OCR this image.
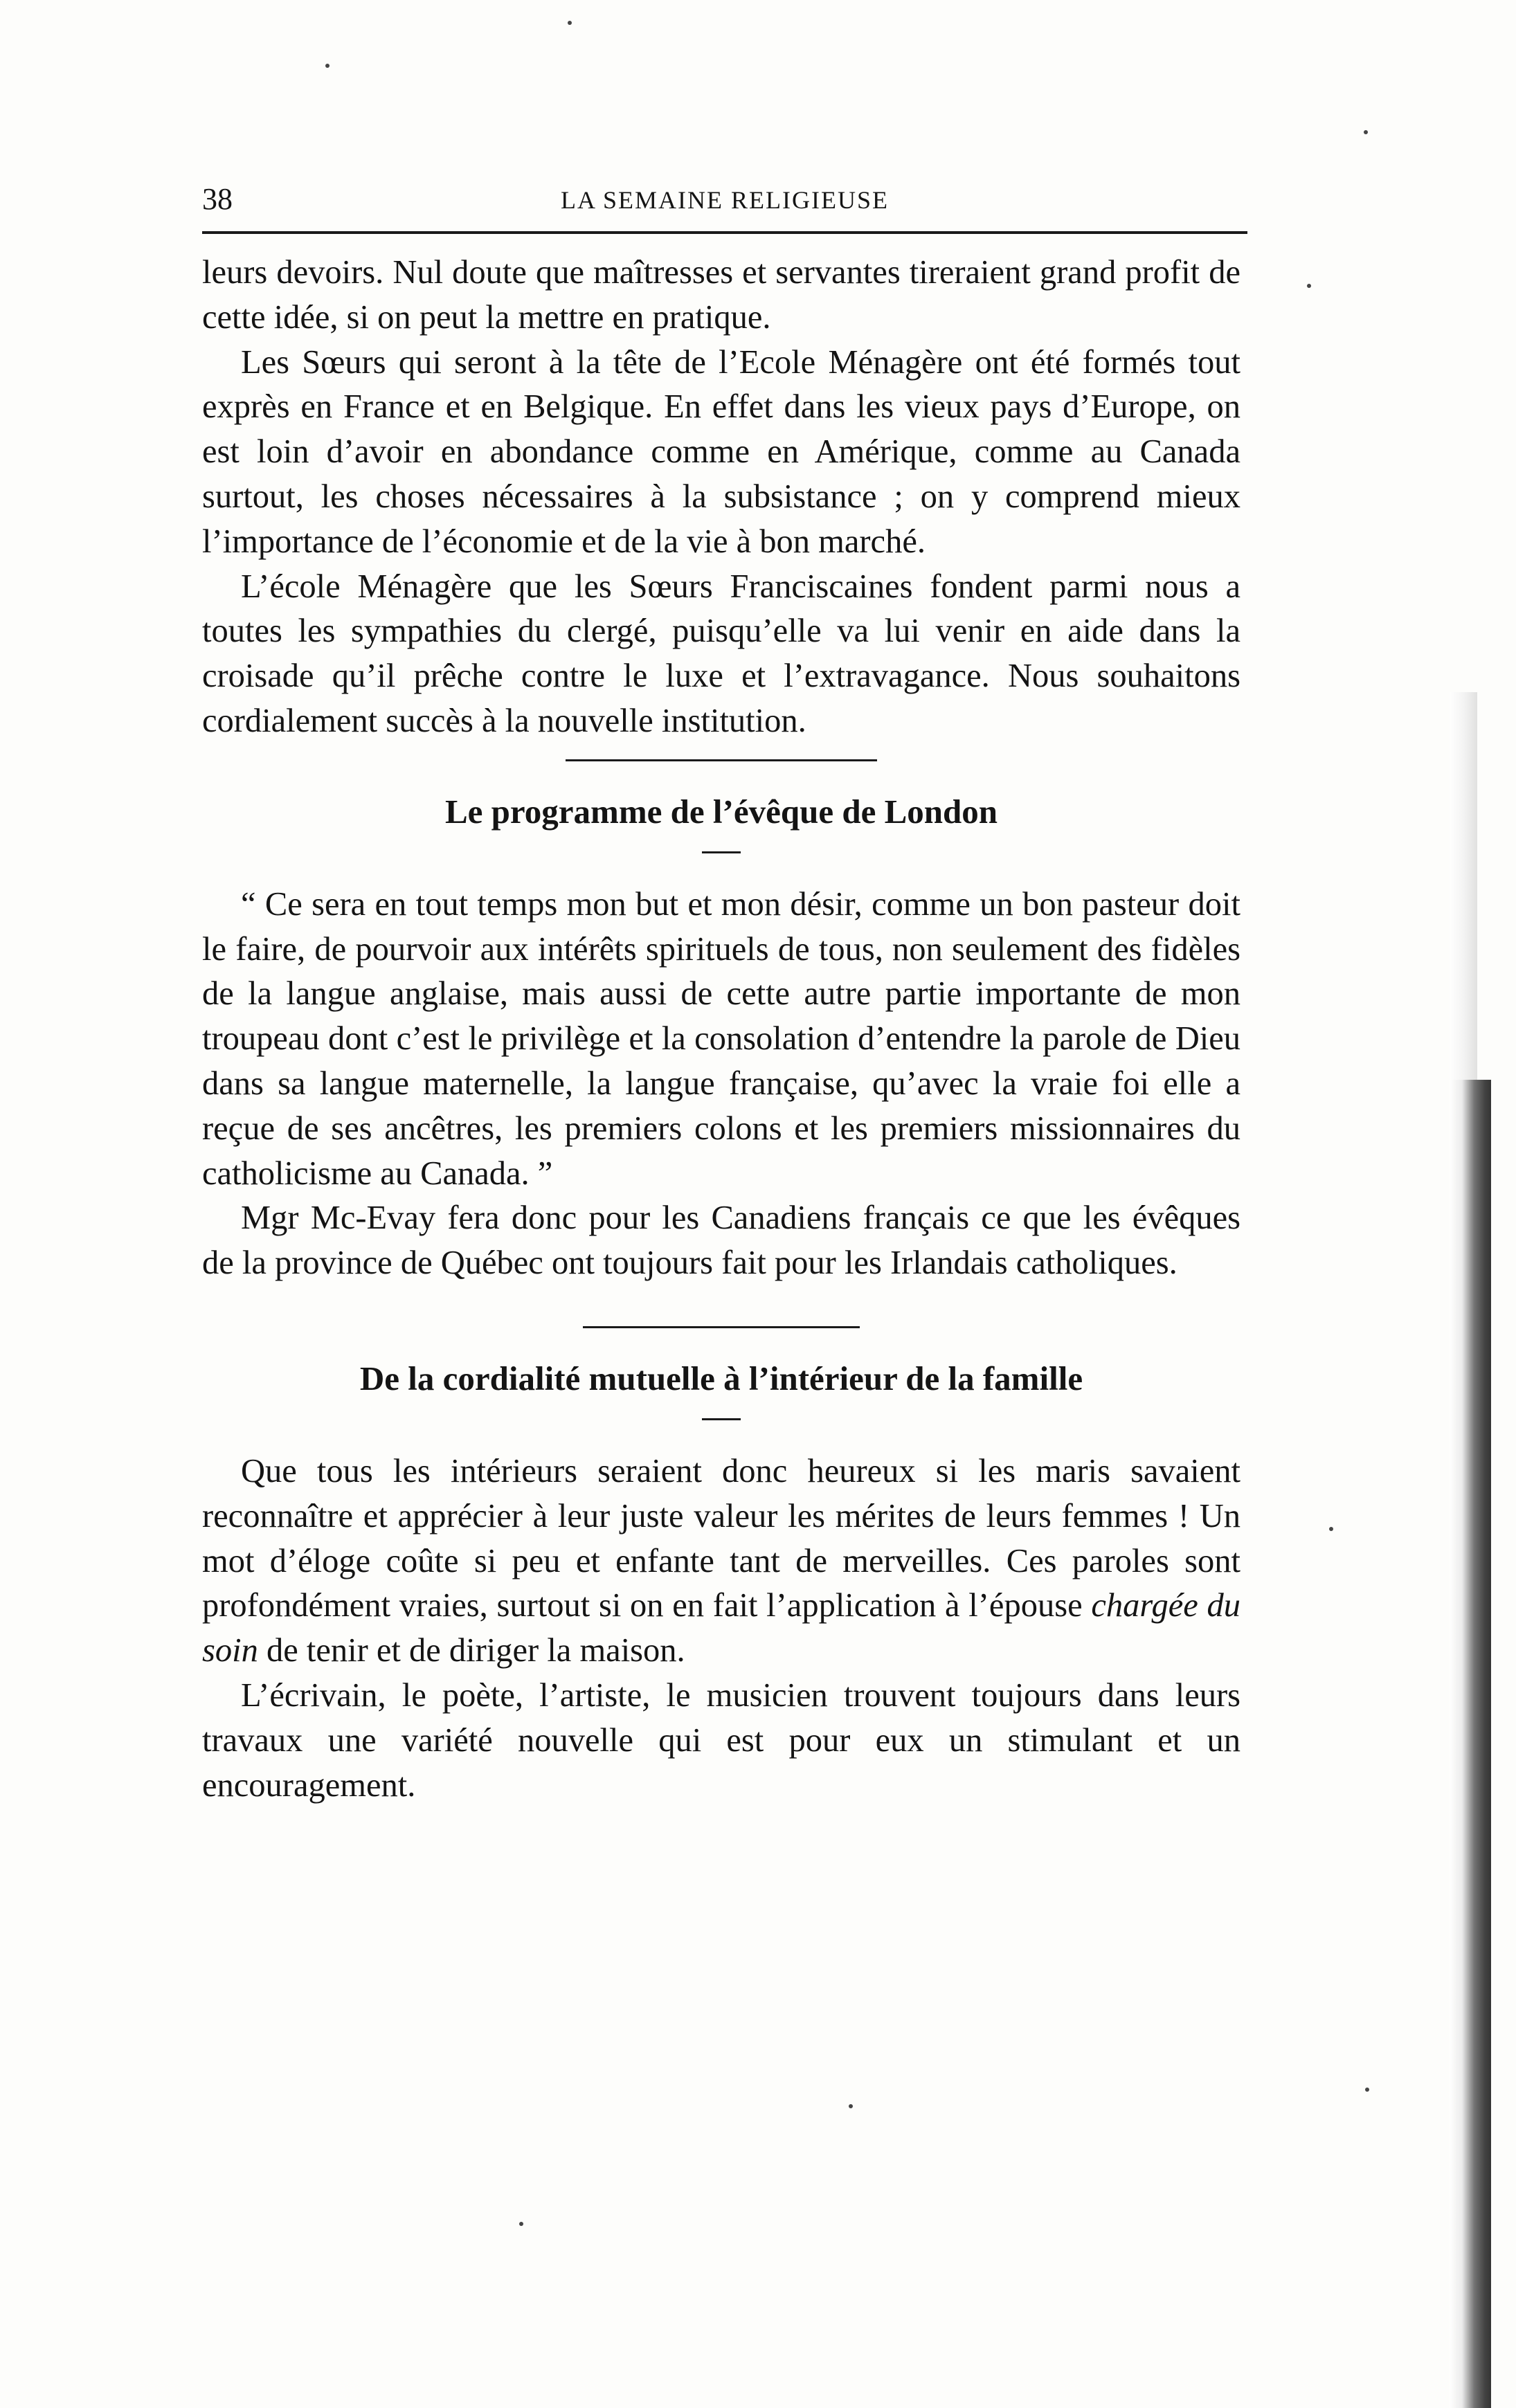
38	LA SEMAINE RELIGIEUSE

leurs devoirs. Nul doute que maîtresses et servantes tireraient grand profit de cette idée, si on peut la mettre en pratique.

Les Sœurs qui seront à la tête de l’Ecole Ménagère ont été formés tout exprès en France et en Belgique. En effet dans les vieux pays d’Europe, on est loin d’avoir en abondance comme en Amérique, comme au Canada surtout, les choses nécessaires à la subsistance ; on y comprend mieux l’importance de l’économie et de la vie à bon marché.

L’école Ménagère que les Sœurs Franciscaines fondent parmi nous a toutes les sympathies du clergé, puisqu’elle va lui venir en aide dans la croisade qu’il prêche contre le luxe et l’extravagance. Nous souhaitons cordialement succès à la nouvelle institution.

Le programme de l’évêque de London

“ Ce sera en tout temps mon but et mon désir, comme un bon pasteur doit le faire, de pourvoir aux intérêts spirituels de tous, non seulement des fidèles de la langue anglaise, mais aussi de cette autre partie importante de mon troupeau dont c’est le privilège et la consolation d’entendre la parole de Dieu dans sa langue maternelle, la langue française, qu’avec la vraie foi elle a reçue de ses ancêtres, les premiers colons et les premiers missionnaires du catholicisme au Canada. ”

Mgr Mc-Evay fera donc pour les Canadiens français ce que les évêques de la province de Québec ont toujours fait pour les Irlandais catholiques.

De la cordialité mutuelle à l’intérieur de la famille

Que tous les intérieurs seraient donc heureux si les maris savaient reconnaître et apprécier à leur juste valeur les mérites de leurs femmes ! Un mot d’éloge coûte si peu et enfante tant de merveilles. Ces paroles sont profondément vraies, surtout si on en fait l’application à l’épouse chargée du soin de tenir et de diriger la maison.

L’écrivain, le poète, l’artiste, le musicien trouvent toujours dans leurs travaux une variété nouvelle qui est pour eux un stimulant et un encouragement.
